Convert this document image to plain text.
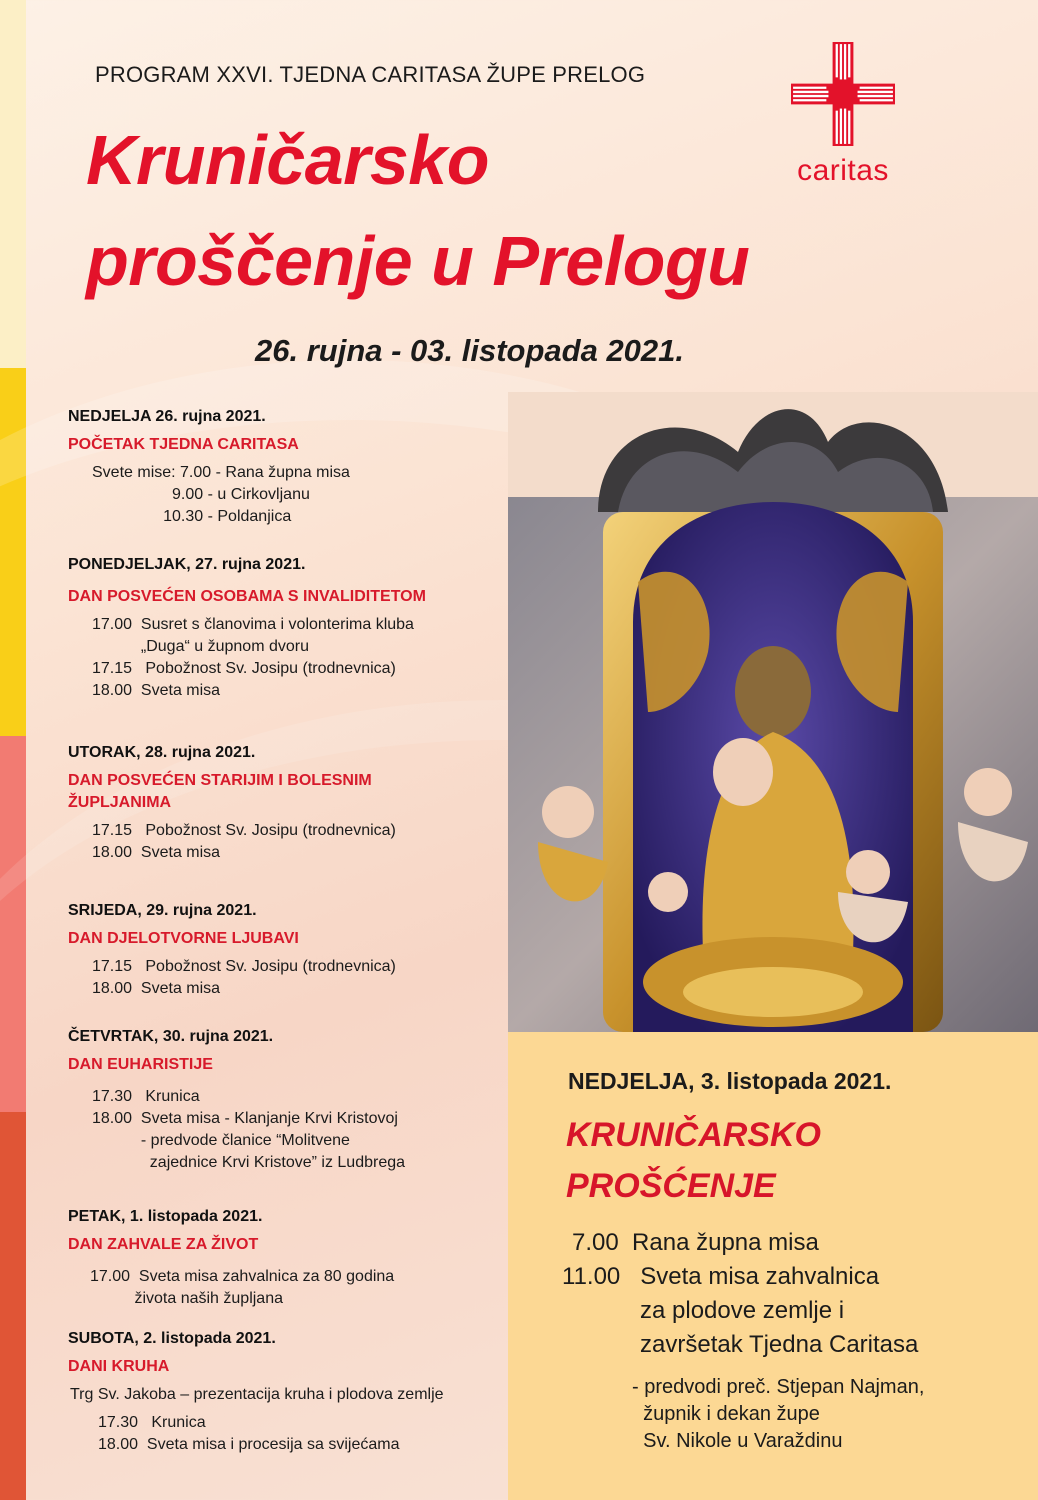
PROGRAM XXVI. TJEDNA CARITASA ŽUPE PRELOG
Kruničarsko
proščenje u Prelogu
26. rujna - 03. listopada 2021.
caritas
NEDJELJA 26. rujna 2021.
POČETAK TJEDNA CARITASA
Svete mise: 7.00 - Rana župna misa
9.00 - u Cirkovljanu
10.30 - Poldanjica
PONEDJELJAK, 27. rujna 2021.
DAN POSVEĆEN OSOBAMA S INVALIDITETOM
17.00  Susret s članovima i volonterima kluba
„Duga“ u župnom dvoru
17.15   Pobožnost Sv. Josipu (trodnevnica)
18.00  Sveta misa
UTORAK, 28. rujna 2021.
DAN POSVEĆEN STARIJIM I BOLESNIM ŽUPLJANIMA
17.15   Pobožnost Sv. Josipu (trodnevnica)
18.00  Sveta misa
SRIJEDA, 29. rujna 2021.
DAN DJELOTVORNE LJUBAVI
17.15   Pobožnost Sv. Josipu (trodnevnica)
18.00  Sveta misa
ČETVRTAK, 30. rujna 2021.
DAN EUHARISTIJE
17.30   Krunica
18.00  Sveta misa - Klanjanje Krvi Kristovoj
- predvode članice “Molitvene
zajednice Krvi Kristove” iz Ludbrega
PETAK, 1. listopada 2021.
DAN ZAHVALE ZA ŽIVOT
17.00  Sveta misa zahvalnica za 80 godina
života naših župljana
SUBOTA, 2. listopada 2021.
DANI KRUHA
Trg Sv. Jakoba – prezentacija kruha i plodova zemlje
17.30   Krunica
18.00  Sveta misa i procesija sa svijećama
NEDJELJA, 3. listopada 2021.
KRUNIČARSKO
PROŠĆENJE
7.00  Rana župna misa
11.00   Sveta misa zahvalnica
za plodove zemlje i
završetak Tjedna Caritasa
- predvodi preč. Stjepan Najman,
župnik i dekan župe
Sv. Nikole u Varaždinu
